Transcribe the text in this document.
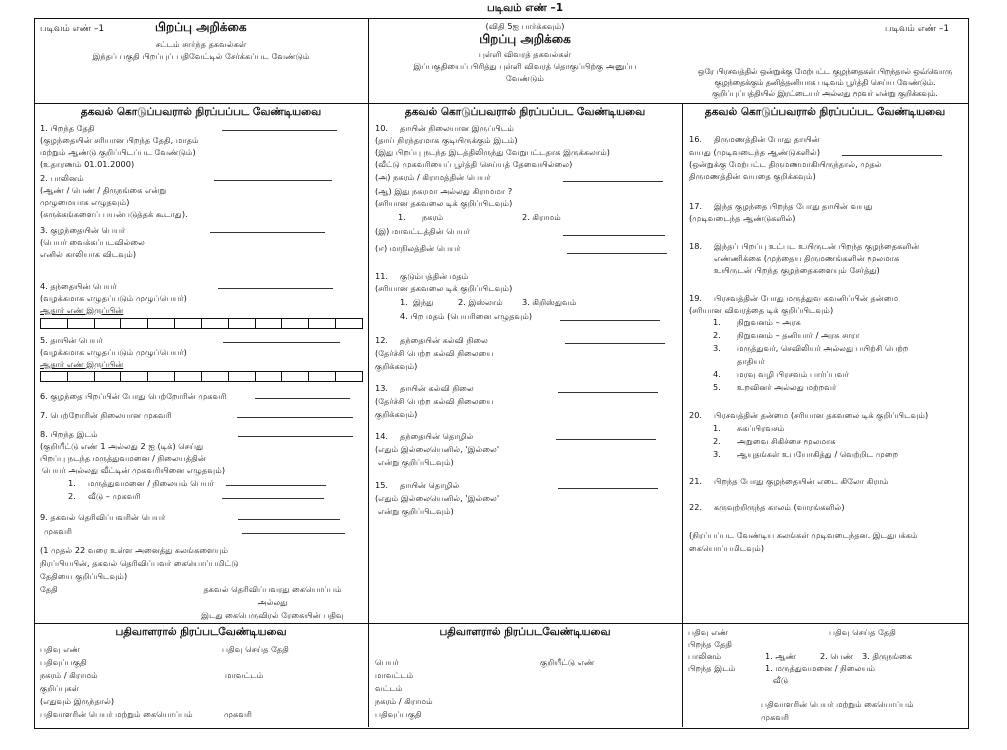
படிவம் எண் –1
படிவம் எண் –1	பிறப்பு அறிக்கை
சட்டம் சார்ந்த தகவல்கள்
இந்தப் பகுதி பிறப்புப் பதிவேட்டில் சேர்க்கப்பட வேண்டும்
(விதி 5ஐ பார்க்கவும்)
பிறப்பு அறிக்கை
புள்ளி விவரத் தகவல்கள்
இப்பகுதியைப் பிரித்து புள்ளி விவரத் தொகுப்பிற்கு அனுப்ப
வேண்டும்
படிவம் எண் –1
ஒரே பிரசவத்தில் ஒன்றுக்கு மேற்பட்ட குழந்தைகள் பிறந்தால் ஒவ்வொரு
குழந்தைக்கும் தனித்தனியாக படிவம் பூர்த்தி செய்ய வேண்டும்.
குறிப்புப்பத்தியில் இரட்டையர் அல்லது மூவர் என்று குறிக்கவும்.
தகவல் கொடுப்பவரால் நிரப்பப்பட வேண்டியவை	தகவல் கொடுப்பவரால் நிரப்பப்பட வேண்டியவை	தகவல் கொடுப்பவரால் நிரப்பப்பட வேண்டியவை
1. பிறந்த தேதி
(குழந்தையின் சரியான பிறந்த தேதி, மாதம்
மற்றும் ஆண்டு குறிப்பிடப்பட வேண்டும்)
(உதாரணம் 01.01.2000)
2. பாலினம்
(ஆண் / பெண் / திருநங்கை என்று
முழுமையாக எழுதவும்)
(சுருக்கங்களைப் பயன்படுத்தக் கூடாது).
3. குழந்தையின் பெயர்
(பெயர் வைக்கப்படவில்லை
எனில் காலியாக விடவும்)
4. தந்தையின் பெயர்
(வழக்கமாக எழுதப்படும் முழுப்பெயர்)
ஆதார் எண் இருப்பின்
5. தாயின் பெயர்
(வழக்கமாக எழுதப்படும் முழுப்பெயர்)
ஆதார் எண் இருப்பின்
6. குழந்தை பிறப்பின் போது பெற்றோரின் முகவரி
7. பெற்றோரின் நிலையான முகவரி
8. பிறந்த இடம்
(குறியீட்டு எண் 1 அல்லது 2 ஐ (டிக்) செய்து
பிறப்பு நடந்த மருத்துவமனை / நிலையத்தின்
பெயர் அல்லது வீட்டின் முகவரியினை எழுதவும்)
1. மருத்துவமனை / நிலையம் பெயர்
2. வீடு – முகவரி
9. தகவல் தெரிவிப்பவரின் பெயர்
முகவரி
(1 முதல் 22 வரை உள்ள அனைத்து கலங்களையும்
நிரப்பியபின், தகவல் தெரிவிப்பவர் கையொப்பமிட்டு
தேதியை குறிப்பிடவும்)
தேதி	தகவல் தெரிவிப்பவரது கையொப்பம்
அல்லது
இடது கைபெருவிரல் ரேகையின் பதிவு
10. தாயின் நிலையான இருப்பிடம்
(தாய் நிரந்தரமாக குடியிருக்கும் இடம்)
(இது பிறப்பு நடந்த இடத்திலிருந்து வேறுபட்டதாக இருக்கலாம்)
(வீட்டு முகவரியைப் பூர்த்தி செய்யத் தேவையில்லை)
(அ) நகரம் / கிராமத்தின் பெயர்
(ஆ) இது நகரமா அல்லது கிராமமா ?
(சரியான தகவலை டிக் குறிப்பிடவும்)
1. நகரம்	2. கிராமம்
(இ) மாவட்டத்தின் பெயர்
(ஈ) மாநிலத்தின் பெயர்
11. குடும்பத்தின் மதம்
(சரியான தகவலை டிக் குறிப்பிடவும்)
1. இந்து	2. இஸ்லாம் 3. கிறிஸ்துவம்
4. பிற மதம் (பெயரினை எழுதவும்)
12. தந்தையின் கல்வி நிலை
(தேர்ச்சி பெற்ற கல்வி நிலையை
குறிக்கவும்)
13. தாயின் கல்வி நிலை
(தேர்ச்சி பெற்ற கல்வி நிலையை
குறிக்கவும்)
14. தந்தையின் தொழில்
(எதும் இல்லையெனில், 'இல்லை'
என்று குறிப்பிடவும்)
15. தாயின் தொழில்
(எதும் இல்லையெனில், 'இல்லை'
என்று குறிப்பிடவும்)
16. திருமணத்தின் போது தாயின்
வயது (முடிவடைந்த ஆண்டுகளில்)
(ஒன்றுக்கு மேற்பட்ட திருமணமாகியிருந்தால், முதல்
திருமணத்தின் வயதை குறிக்கவும்)
17. இந்த குழந்தை பிறந்த போது தாயின் வயது
(முடிவடைந்த ஆண்டுகளில்)
18. இந்தப் பிறப்பு உட்பட உயிருடன் பிறந்த குழந்தைகளின்
எண்ணிக்கை (முந்தைய திருமணங்களின் மூலமாக
உயிருடன் பிறந்த குழந்தைகளையும் சேர்த்து)
19. பிரசவத்தின் போது மருத்துவ கவனிப்பின் தன்மை
(சரியான விவரத்தை டிக் குறிப்பிடவும்)
1. நிறுவனம் – அரசு
2. நிறுவனம் – தனியார் / அரசு சாரா
3. மருத்துவர், செவிலியர் அல்லது பயிற்சி பெற்ற
தாதியர்
4. மரவு வழி பிரசவம் பார்ப்பவர்
5. உறவினர் அல்லது மற்றவர்
20. பிரசவத்தின் தன்மை (சரியான தகவலை டிக் குறிப்பிடவும்)
1. சுகப்பிரவசம்
2. அறுவை சிகிச்சை மூலமாக
3. ஆயுதங்கள் உபயோகித்து / வெற்றிட முறை
21. பிறந்த போது குழந்தையின் எடை கிலோ கிராம்
22. கருவுற்றிருந்த காலம் (வாரங்களில்)
(நிரப்பப்பட வேண்டிய கலங்கள் முடிவடைந்தன. இடதுபக்கம்
கையொப்பமிடவும்)
பதிவாளரால் நிரப்படவேண்டியவை	பதிவாளரால் நிரப்படவேண்டியவை
பதிவு எண்	பதிவு செய்த தேதி
பதிவுப்பகுதி
நகரம் / கிராமம்	மாவட்டம்
குறிப்புகள்
(எதுவும் இருந்தால்)
பதிவாளரின் பெயர் மற்றும் கையொப்பம்	முகவரி
பெயர்	குறியீட்டு எண்
மாவட்டம்
வட்டம்
நகரம் / கிராமம்
பதிவுப்பகுதி
பதிவு எண்	பதிவு செய்த தேதி
பிறந்த தேதி
பாலினம்	1. ஆண்	2. பெண் 3. திருநங்கை
பிறந்த இடம்	1. மருத்துவமனை / நிலையம்
வீடு
பதிவாளரின் பெயர் மற்றும் கையொப்பம்
முகவரி
